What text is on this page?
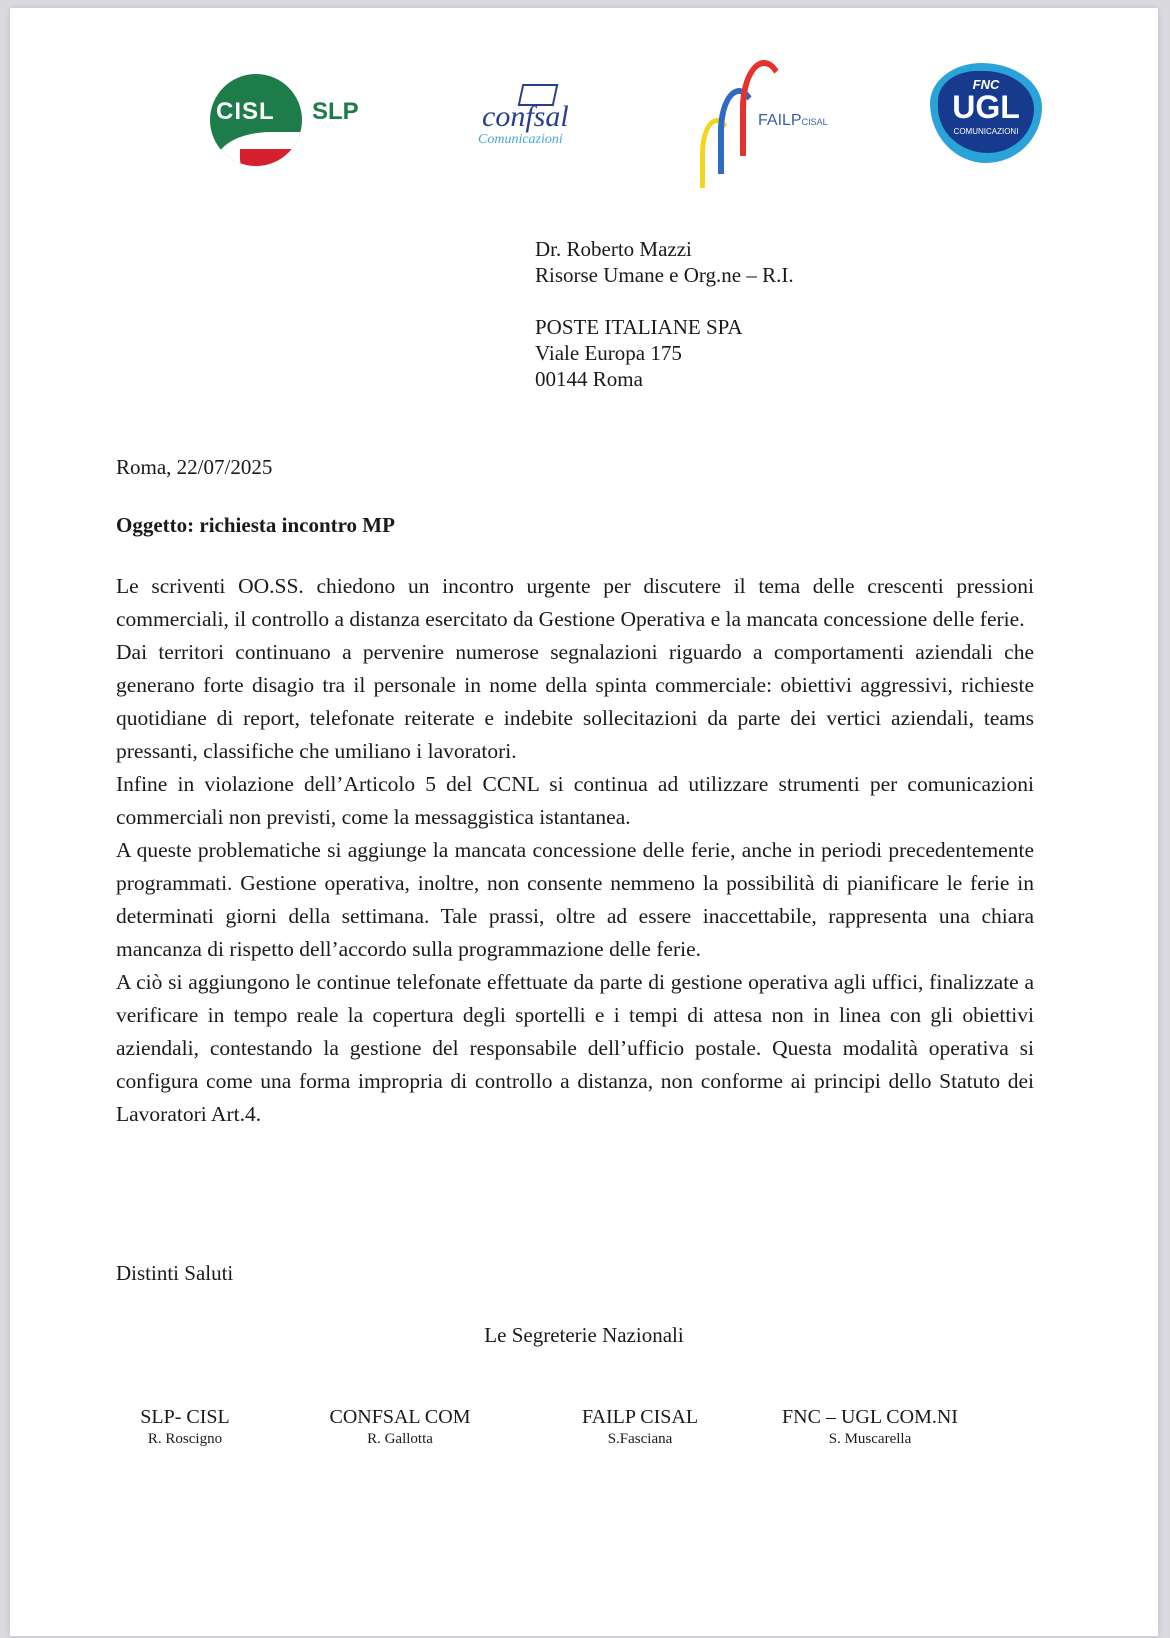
CISL SLP	confsal
Comunicazioni
FAILPCISAL
FNC
UGL
COMUNICAZIONI
Dr. Roberto Mazzi
Risorse Umane e Org.ne – R.I.
POSTE ITALIANE SPA
Viale Europa 175
00144 Roma
Roma, 22/07/2025
Oggetto: richiesta incontro MP

Le scriventi OO.SS. chiedono un incontro urgente per discutere il tema delle crescenti pressioni commerciali, il controllo a distanza esercitato da Gestione Operativa e la mancata concessione delle ferie.

Dai territori continuano a pervenire numerose segnalazioni riguardo a comportamenti aziendali che generano forte disagio tra il personale in nome della spinta commerciale: obiettivi aggressivi, richieste quotidiane di report, telefonate reiterate e indebite sollecitazioni da parte dei vertici aziendali, teams pressanti, classifiche che umiliano i lavoratori.

Infine in violazione dell’Articolo 5 del CCNL si continua ad utilizzare strumenti per comunicazioni commerciali non previsti, come la messaggistica istantanea.

A queste problematiche si aggiunge la mancata concessione delle ferie, anche in periodi precedentemente programmati. Gestione operativa, inoltre, non consente nemmeno la possibilità di pianificare le ferie in determinati giorni della settimana. Tale prassi, oltre ad essere inaccettabile, rappresenta una chiara mancanza di rispetto dell’accordo sulla programmazione delle ferie.

A ciò si aggiungono le continue telefonate effettuate da parte di gestione operativa agli uffici, finalizzate a verificare in tempo reale la copertura degli sportelli e i tempi di attesa non in linea con gli obiettivi aziendali, contestando la gestione del responsabile dell’ufficio postale. Questa modalità operativa si configura come una forma impropria di controllo a distanza, non conforme ai principi dello Statuto dei Lavoratori Art.4.

Distinti Saluti
Le Segreterie Nazionali
SLP- CISL
R. Roscigno
CONFSAL COM
R. Gallotta
FAILP CISAL
S.Fasciana
FNC – UGL COM.NI
S. Muscarella
